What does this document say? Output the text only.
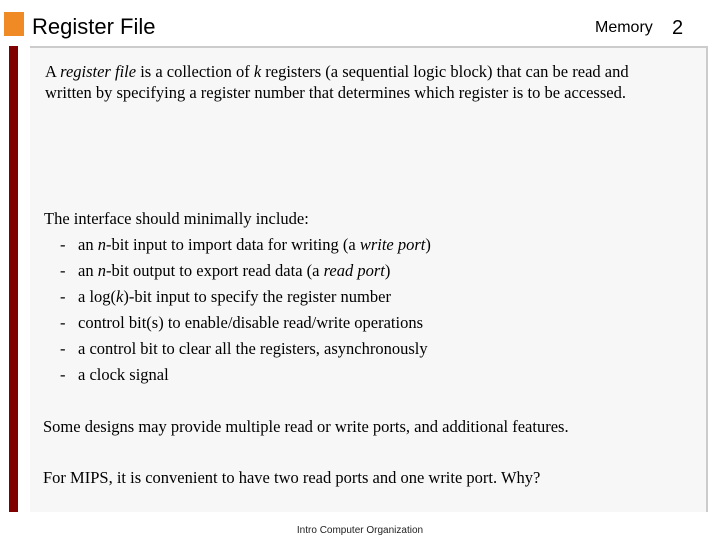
Register File	Memory 2

A register file is a collection of k registers (a sequential logic block) that can be read and
written by specifying a register number that determines which register is to be accessed.

The interface should minimally include:

- an n-bit input to import data for writing (a write port)
- an n-bit output to export read data (a read port)
- a log(k)-bit input to specify the register number
- control bit(s) to enable/disable read/write operations
- a control bit to clear all the registers, asynchronously
- a clock signal

Some designs may provide multiple read or write ports, and additional features.

For MIPS, it is convenient to have two read ports and one write port. Why?

Intro Computer Organization
